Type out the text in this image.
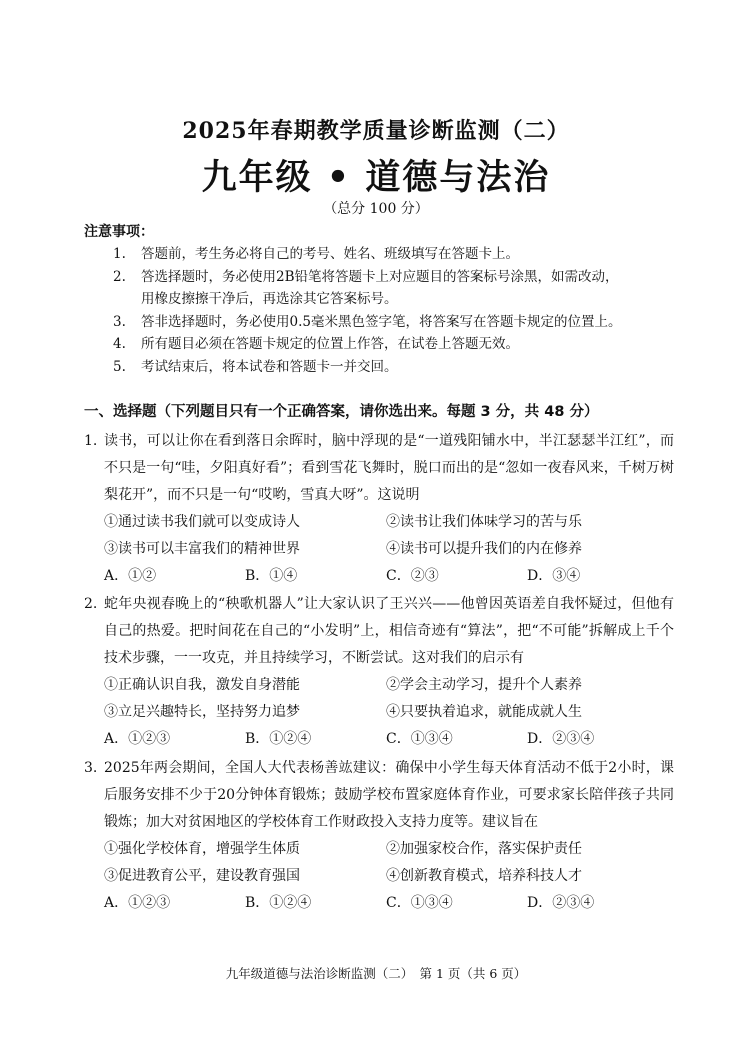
2025年春期教学质量诊断监测（二）
九年级 • 道德与法治
（总分 100 分）
注意事项：
1. 答题前，考生务必将自己的考号、姓名、班级填写在答题卡上。
2. 答选择题时，务必使用2B铅笔将答题卡上对应题目的答案标号涂黑，如需改动，
用橡皮擦擦干净后，再选涂其它答案标号。
3. 答非选择题时，务必使用0.5毫米黑色签字笔，将答案写在答题卡规定的位置上。
4. 所有题目必须在答题卡规定的位置上作答，在试卷上答题无效。
5. 考试结束后，将本试卷和答题卡一并交回。
一、选择题（下列题目只有一个正确答案，请你选出来。每题 3 分，共 48 分）
1. 读书，可以让你在看到落日余晖时，脑中浮现的是“一道残阳铺水中，半江瑟瑟半江红”，而不只是一句“哇，夕阳真好看”；看到雪花飞舞时，脱口而出的是“忽如一夜春风来，千树万树梨花开”，而不只是一句“哎哟，雪真大呀”。这说明
①通过读书我们就可以变成诗人	②读书让我们体味学习的苦与乐
③读书可以丰富我们的精神世界	④读书可以提升我们的内在修养
A．①②	B．①④	C．②③	D．③④
2. 蛇年央视春晚上的“秧歌机器人”让大家认识了王兴兴——他曾因英语差自我怀疑过，但他有自己的热爱。把时间花在自己的“小发明”上，相信奇迹有“算法”，把“不可能”拆解成上千个技术步骤，一一攻克，并且持续学习，不断尝试。这对我们的启示有
①正确认识自我，激发自身潜能	②学会主动学习，提升个人素养
③立足兴趣特长，坚持努力追梦	④只要执着追求，就能成就人生
A．①②③	B．①②④	C．①③④	D．②③④
3. 2025年两会期间，全国人大代表杨善竑建议：确保中小学生每天体育活动不低于2小时，课后服务安排不少于20分钟体育锻炼；鼓励学校布置家庭体育作业，可要求家长陪伴孩子共同锻炼；加大对贫困地区的学校体育工作财政投入支持力度等。建议旨在
①强化学校体育，增强学生体质	②加强家校合作，落实保护责任
③促进教育公平，建设教育强国	④创新教育模式，培养科技人才
A．①②③	B．①②④	C．①③④	D．②③④
九年级道德与法治诊断监测（二）　第 1 页（共 6 页）
